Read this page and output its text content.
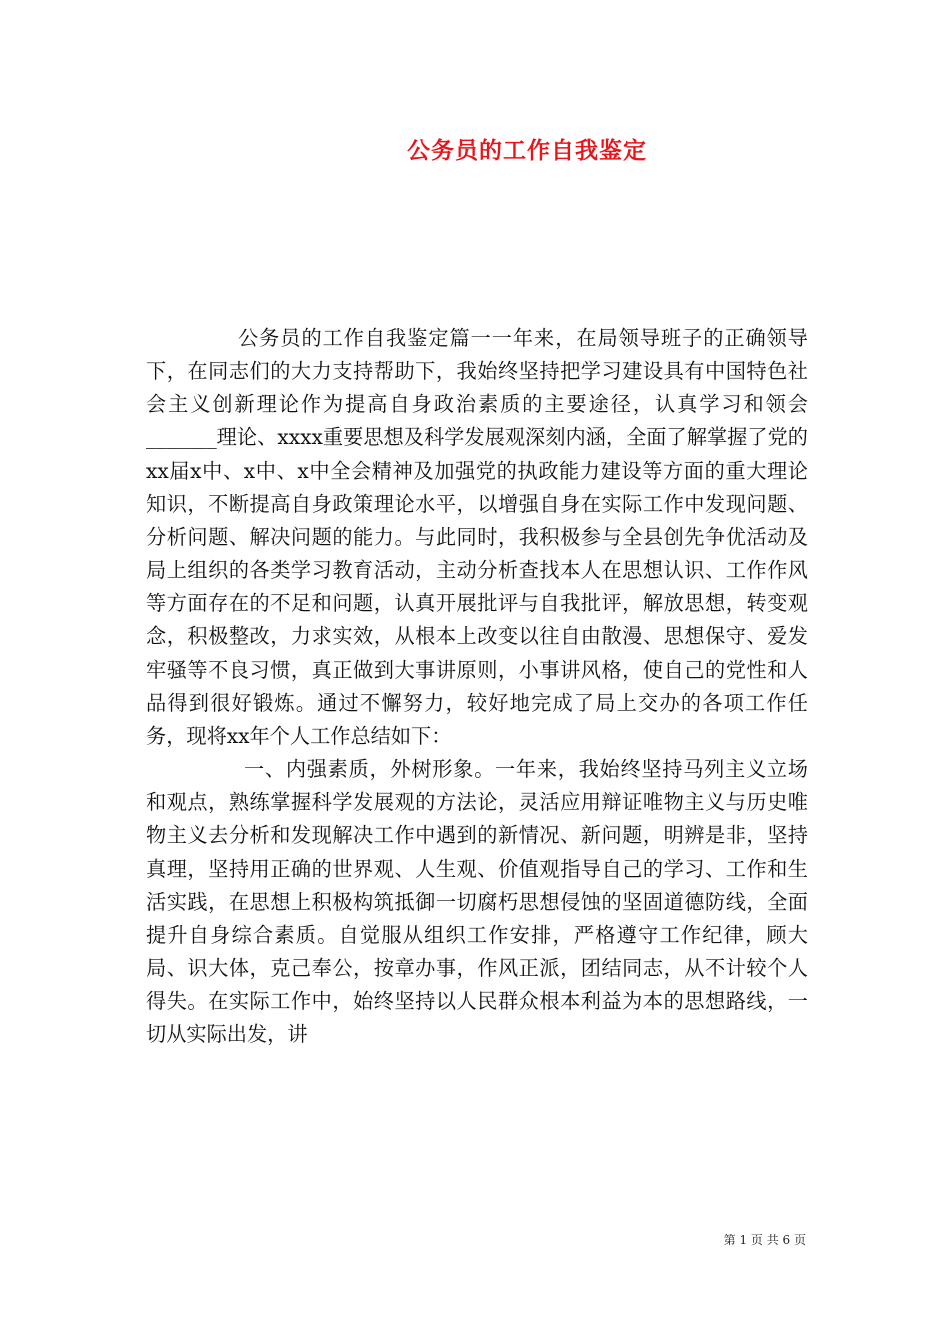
公务员的工作自我鉴定

公务员的工作自我鉴定篇一一年来，在局领导班子的正确领导下，在同志们的大力支持帮助下，我始终坚持把学习建设具有中国特色社会主义创新理论作为提高自身政治素质的主要途径，认真学习和领会_______理论、xxxx重要思想及科学发展观深刻内涵，全面了解掌握了党的xx届x中、x中、x中全会精神及加强党的执政能力建设等方面的重大理论知识，不断提高自身政策理论水平，以增强自身在实际工作中发现问题、分析问题、解决问题的能力。与此同时，我积极参与全县创先争优活动及局上组织的各类学习教育活动，主动分析查找本人在思想认识、工作作风等方面存在的不足和问题，认真开展批评与自我批评，解放思想，转变观念，积极整改，力求实效，从根本上改变以往自由散漫、思想保守、爱发牢骚等不良习惯，真正做到大事讲原则，小事讲风格，使自己的党性和人品得到很好锻炼。通过不懈努力，较好地完成了局上交办的各项工作任务，现将xx年个人工作总结如下：

一、内强素质，外树形象。一年来，我始终坚持马列主义立场和观点，熟练掌握科学发展观的方法论，灵活应用辩证唯物主义与历史唯物主义去分析和发现解决工作中遇到的新情况、新问题，明辨是非，坚持真理，坚持用正确的世界观、人生观、价值观指导自己的学习、工作和生活实践，在思想上积极构筑抵御一切腐朽思想侵蚀的坚固道德防线，全面提升自身综合素质。自觉服从组织工作安排，严格遵守工作纪律，顾大局、识大体，克己奉公，按章办事，作风正派，团结同志，从不计较个人得失。在实际工作中，始终坚持以人民群众根本利益为本的思想路线，一切从实际出发，讲

第 1 页 共 6 页
